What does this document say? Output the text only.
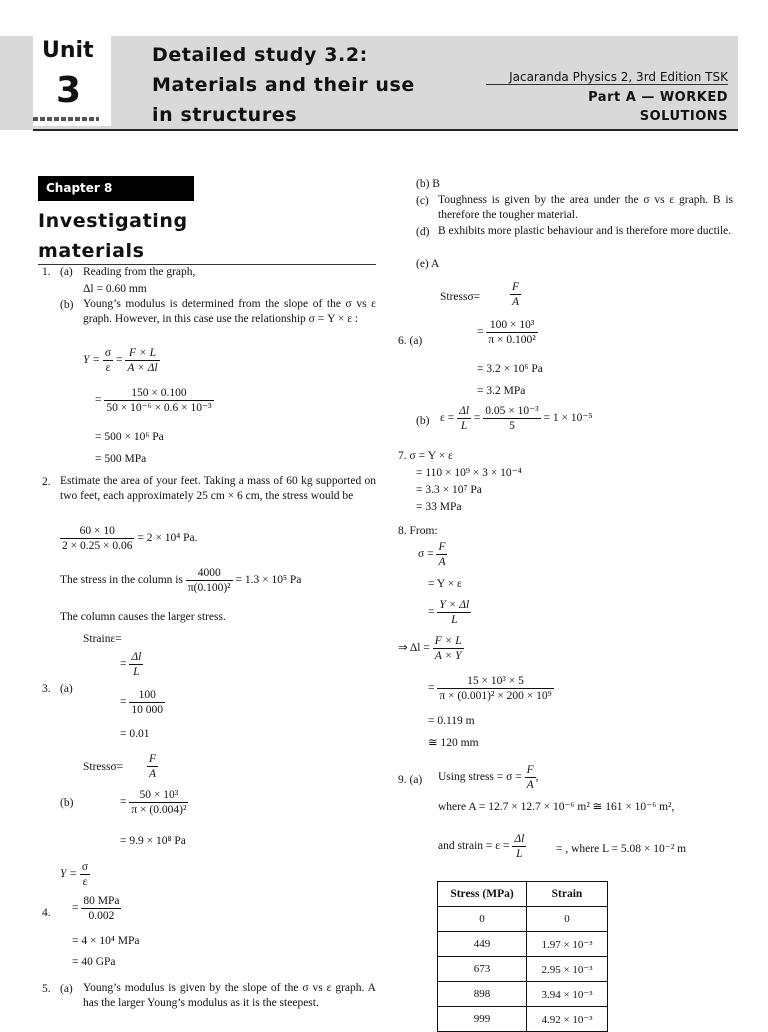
Unit
3
Detailed study 3.2:
Materials and their use
in structures
Jacaranda Physics 2, 3rd Edition TSK
Part A — WORKED
SOLUTIONS
Chapter 8
Investigating
materials
1. (a) Reading from the graph,
Δl = 0.60 mm
(b) Young’s modulus is determined from the slope of the σ vs ε graph. However, in this case use the relationship σ = Y × ε :
$Y = \frac{\sigma}{\varepsilon} = \frac{F \times L}{A \times \Delta l}$
= $\frac{150 \times 0.100}{\text{50 × 10⁻⁶ × 0.6 × 10⁻³}}$
= 500 × 10⁶ Pa
= 500 MPa
2. Estimate the area of your feet. Taking a mass of 60 kg supported on two feet, each approximately 25 cm × 6 cm, the stress would be
$\frac{60 \times 10}{2 \times 0.25 \times 0.06} = 2 \times 10^4$ Pa.
The stress in the column is $\frac{4000}{\text{π(0.100)²}} = 1.3 \times 10^5$ Pa
The column causes the larger stress.
Strainε=
= $\frac{\Delta l}{L}$
3. (a)
= $\frac{100}{10 000}$
= 0.01
Stressσ= $\frac{F}{A}$
(b)	= $\frac{\text{50 × 10³}}{\text{π × (0.004)²}}$
= 9.9 × 10⁸ Pa
$Y = \frac{\sigma}{\varepsilon}$
4. = $\frac{\text{80 MPa}}{0.002}$
= 4 × 10⁴ MPa
= 40 GPa
5. (a) Young’s modulus is given by the slope of the σ vs ε graph. A has the larger Young’s modulus as it is the steepest.
(b) B
(c) Toughness is given by the area under the σ vs ε graph. B is therefore the tougher material.
(d) B exhibits more plastic behaviour and is therefore more ductile.
(e) A
Stressσ=	$\frac{F}{A}$
6. (a)
= $\frac{\text{100 × 10³}}{\text{π × 0.100²}}$
= 3.2 × 10⁶ Pa
= 3.2 MPa
(b) $\varepsilon = \frac{\Delta l}{L} = \frac{\text{0.05 × 10⁻³}}{5} = 1 \times 10^{-5}$
7. σ = Y × ε
= 110 × 10⁹ × 3 × 10⁻⁴
= 3.3 × 10⁷ Pa
= 33 MPa
8. From:
$\sigma = \frac{F}{A}$
= Y × ε
= $\frac{Y \times \Delta l}{L}$
⇒ $\Delta l = \frac{F \times L}{A \times Y}$
= $\frac{\text{15 × 10³ × 5}}{\text{π × (0.001)² × 200 × 10⁹}}$
= 0.119 m
≅ 120 mm
9. (a) Using stress = $\sigma = \frac{F}{A}$ ,
where A = 12.7 × 12.7 × 10⁻⁶ m² ≅ 161 × 10⁻⁶ m²,
and strain = $\varepsilon = \frac{\Delta l}{L}$	= , where L = 5.08 × 10⁻² m
Stress (MPa)	Strain
0	0
449	1.97 × 10⁻³
673	2.95 × 10⁻³
898	3.94 × 10⁻³
999	4.92 × 10⁻³
